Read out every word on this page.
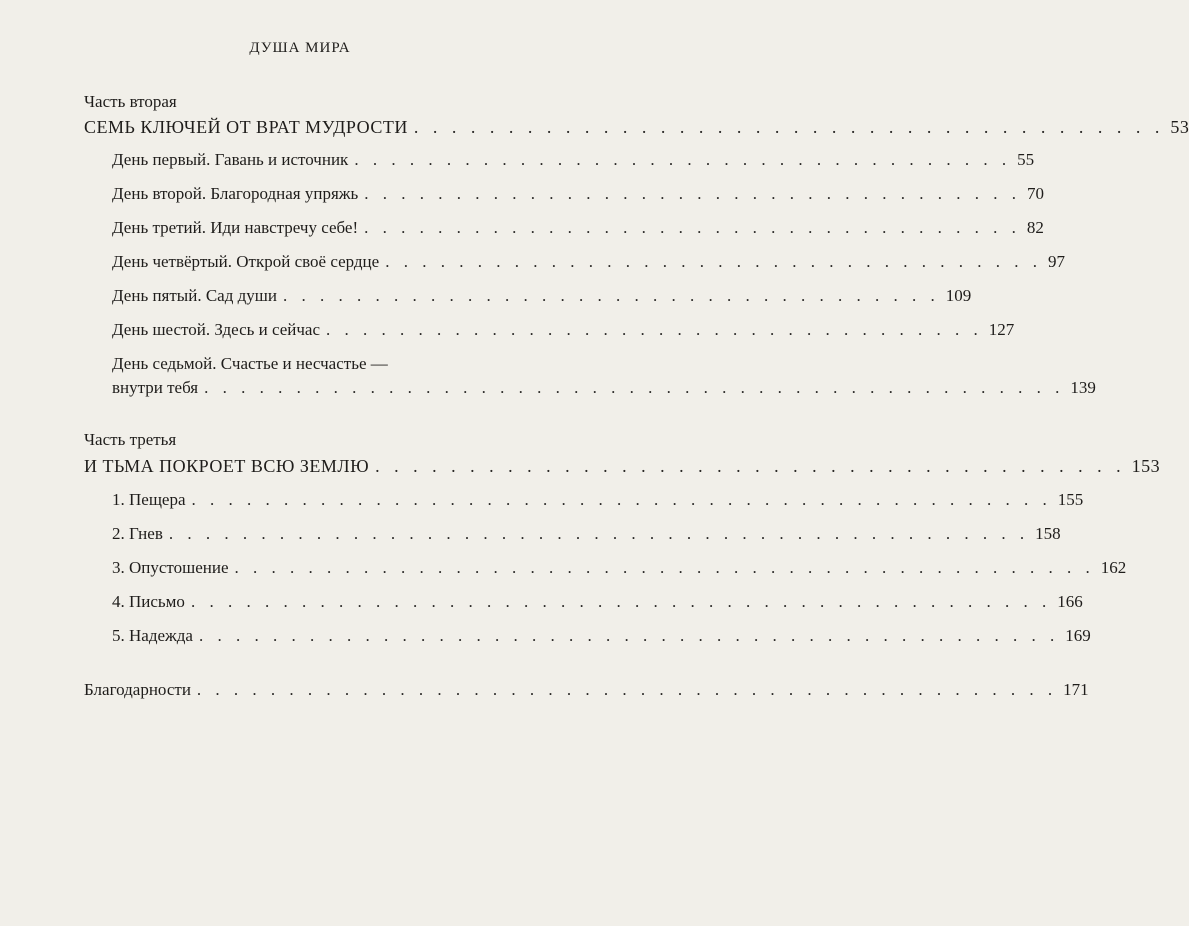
ДУША МИРА
Часть вторая
СЕМЬ КЛЮЧЕЙ ОТ ВРАТ МУДРОСТИ . . . . . . . . . . . . . . . . . . . . . . . . . . . . . . . . . . . . . . . . 53
День первый. Гавань и источник . . . . . . . . . . . . . . . . . . . . . . . . . . . . . . . . . . . . 55
День второй. Благородная упряжь . . . . . . . . . . . . . . . . . . . . . . . . . . . . . . . . . . . . 70
День третий. Иди навстречу себе! . . . . . . . . . . . . . . . . . . . . . . . . . . . . . . . . . . . . 82
День четвёртый. Открой своё сердце . . . . . . . . . . . . . . . . . . . . . . . . . . . . . . . . . . . . 97
День пятый. Сад души . . . . . . . . . . . . . . . . . . . . . . . . . . . . . . . . . . . . 109
День шестой. Здесь и сейчас . . . . . . . . . . . . . . . . . . . . . . . . . . . . . . . . . . . . 127
День седьмой. Счастье и несчастье —
внутри тебя . . . . . . . . . . . . . . . . . . . . . . . . . . . . . . . . . . . . . . . . . . . . . . . 139
Часть третья
И ТЬМА ПОКРОЕТ ВСЮ ЗЕМЛЮ . . . . . . . . . . . . . . . . . . . . . . . . . . . . . . . . . . . . . . . . 153
1. Пещера . . . . . . . . . . . . . . . . . . . . . . . . . . . . . . . . . . . . . . . . . . . . . . . 155
2. Гнев . . . . . . . . . . . . . . . . . . . . . . . . . . . . . . . . . . . . . . . . . . . . . . . 158
3. Опустошение . . . . . . . . . . . . . . . . . . . . . . . . . . . . . . . . . . . . . . . . . . . . . . . 162
4. Письмо . . . . . . . . . . . . . . . . . . . . . . . . . . . . . . . . . . . . . . . . . . . . . . . 166
5. Надежда . . . . . . . . . . . . . . . . . . . . . . . . . . . . . . . . . . . . . . . . . . . . . . . 169
Благодарности . . . . . . . . . . . . . . . . . . . . . . . . . . . . . . . . . . . . . . . . . . . . . . . 171
